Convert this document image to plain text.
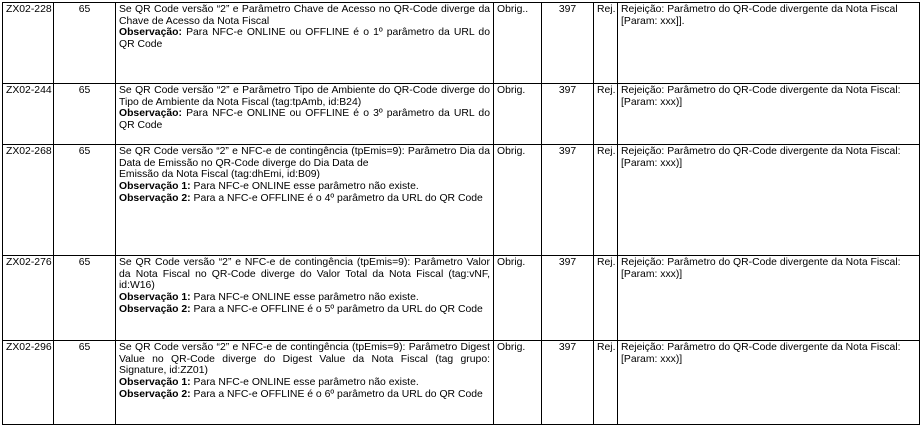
ZX02-228	65	Se QR Code versão “2” e Parâmetro Chave de Acesso no QR-Code diverge da Chave de Acesso da Nota Fiscal
Observação: Para NFC-e ONLINE ou OFFLINE é o 1º parâmetro da URL do QR Code	Obrig..	397	Rej.	Rejeição: Parâmetro do QR-Code divergente da Nota Fiscal [Param: xxx]].
ZX02-244	65	Se QR Code versão “2” e Parâmetro Tipo de Ambiente do QR-Code diverge do Tipo de Ambiente da Nota Fiscal (tag:tpAmb, id:B24)
Observação: Para NFC-e ONLINE ou OFFLINE é o 3º parâmetro da URL do QR Code	Obrig.	397	Rej.	Rejeição: Parâmetro do QR-Code divergente da Nota Fiscal: [Param: xxx)]
ZX02-268	65	Se QR Code versão “2” e NFC-e de contingência (tpEmis=9): Parâmetro Dia da Data de Emissão no QR-Code diverge do Dia Data de
Emissão da Nota Fiscal (tag:dhEmi, id:B09)
Observação 1: Para NFC-e ONLINE esse parâmetro não existe.
Observação 2: Para a NFC-e OFFLINE é o 4º parâmetro da URL do QR Code	Obrig.	397	Rej.	Rejeição: Parâmetro do QR-Code divergente da Nota Fiscal: [Param: xxx)]
ZX02-276	65	Se QR Code versão “2” e NFC-e de contingência (tpEmis=9): Parâmetro Valor da Nota Fiscal no QR-Code diverge do Valor Total da Nota Fiscal (tag:vNF, id:W16)
Observação 1: Para NFC-e ONLINE esse parâmetro não existe.
Observação 2: Para a NFC-e OFFLINE é o 5º parâmetro da URL do QR Code	Obrig.	397	Rej.	Rejeição: Parâmetro do QR-Code divergente da Nota Fiscal: [Param: xxx)]
ZX02-296	65	Se QR Code versão “2” e NFC-e de contingência (tpEmis=9): Parâmetro Digest Value no QR-Code diverge do Digest Value da Nota Fiscal (tag grupo: Signature, id:ZZ01)
Observação 1: Para NFC-e ONLINE esse parâmetro não existe.
Observação 2: Para a NFC-e OFFLINE é o 6º parâmetro da URL do QR Code	Obrig.	397	Rej.	Rejeição: Parâmetro do QR-Code divergente da Nota Fiscal: [Param: xxx)]
